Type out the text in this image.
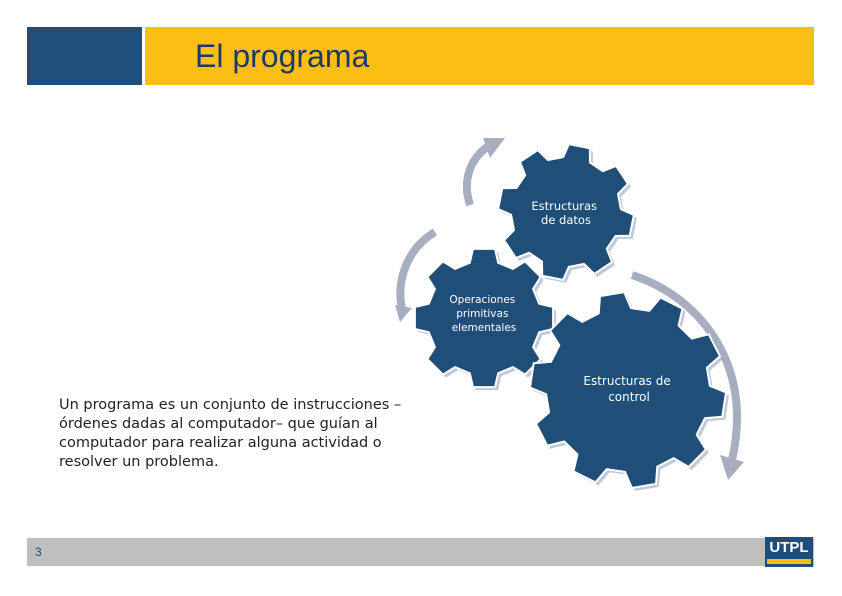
El programa
Estructuras de datos
Operaciones primitivas elementales
Estructuras de control
Un programa es un conjunto de instrucciones –órdenes dadas al computador– que guían al computador para realizar alguna actividad o resolver un problema.
3	UTPL
